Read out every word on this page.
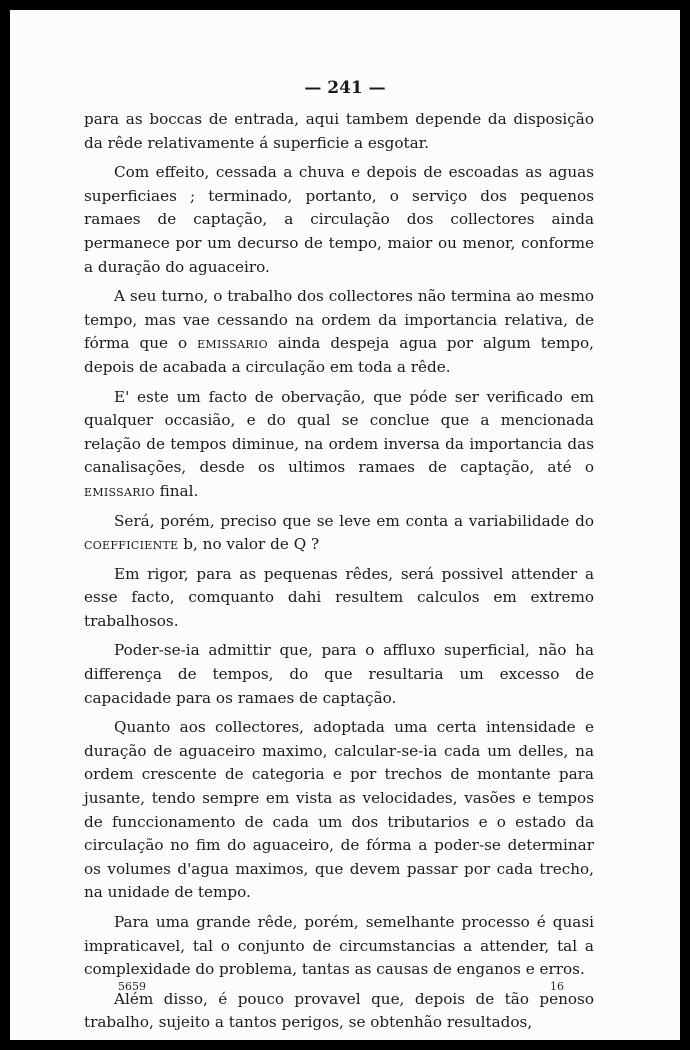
— 241 —

para as boccas de entrada, aqui tambem depende da disposição da rêde relativamente á superficie a esgotar.

Com effeito, cessada a chuva e depois de escoadas as aguas superficiaes ; terminado, portanto, o serviço dos pequenos ramaes de captação, a circulação dos collectores ainda permanece por um decurso de tempo, maior ou menor, conforme a duração do aguaceiro.

A seu turno, o trabalho dos collectores não termina ao mesmo tempo, mas vae cessando na ordem da importancia relativa, de fórma que o emissario ainda despeja agua por algum tempo, depois de acabada a circulação em toda a rêde.

E' este um facto de obervação, que póde ser verificado em qualquer occasião, e do qual se conclue que a mencionada relação de tempos diminue, na ordem inversa da importancia das canalisações, desde os ultimos ramaes de captação, até o emissario final.

Será, porém, preciso que se leve em conta a variabilidade do coefficiente b, no valor de Q ?

Em rigor, para as pequenas rêdes, será possivel attender a esse facto, comquanto dahi resultem calculos em extremo trabalhosos.

Poder-se-ia admittir que, para o affluxo superficial, não ha differença de tempos, do que resultaria um excesso de capacidade para os ramaes de captação.

Quanto aos collectores, adoptada uma certa intensidade e duração de aguaceiro maximo, calcular-se-ia cada um delles, na ordem crescente de categoria e por trechos de montante para jusante, tendo sempre em vista as velocidades, vasões e tempos de funccionamento de cada um dos tributarios e o estado da circulação no fim do aguaceiro, de fórma a poder-se determinar os volumes d'agua maximos, que devem passar por cada trecho, na unidade de tempo.

Para uma grande rêde, porém, semelhante processo é quasi impraticavel, tal o conjunto de circumstancias a attender, tal a complexidade do problema, tantas as causas de enganos e erros.

Além disso, é pouco provavel que, depois de tão penoso trabalho, sujeito a tantos perigos, se obtenhão resultados,

5659	16
